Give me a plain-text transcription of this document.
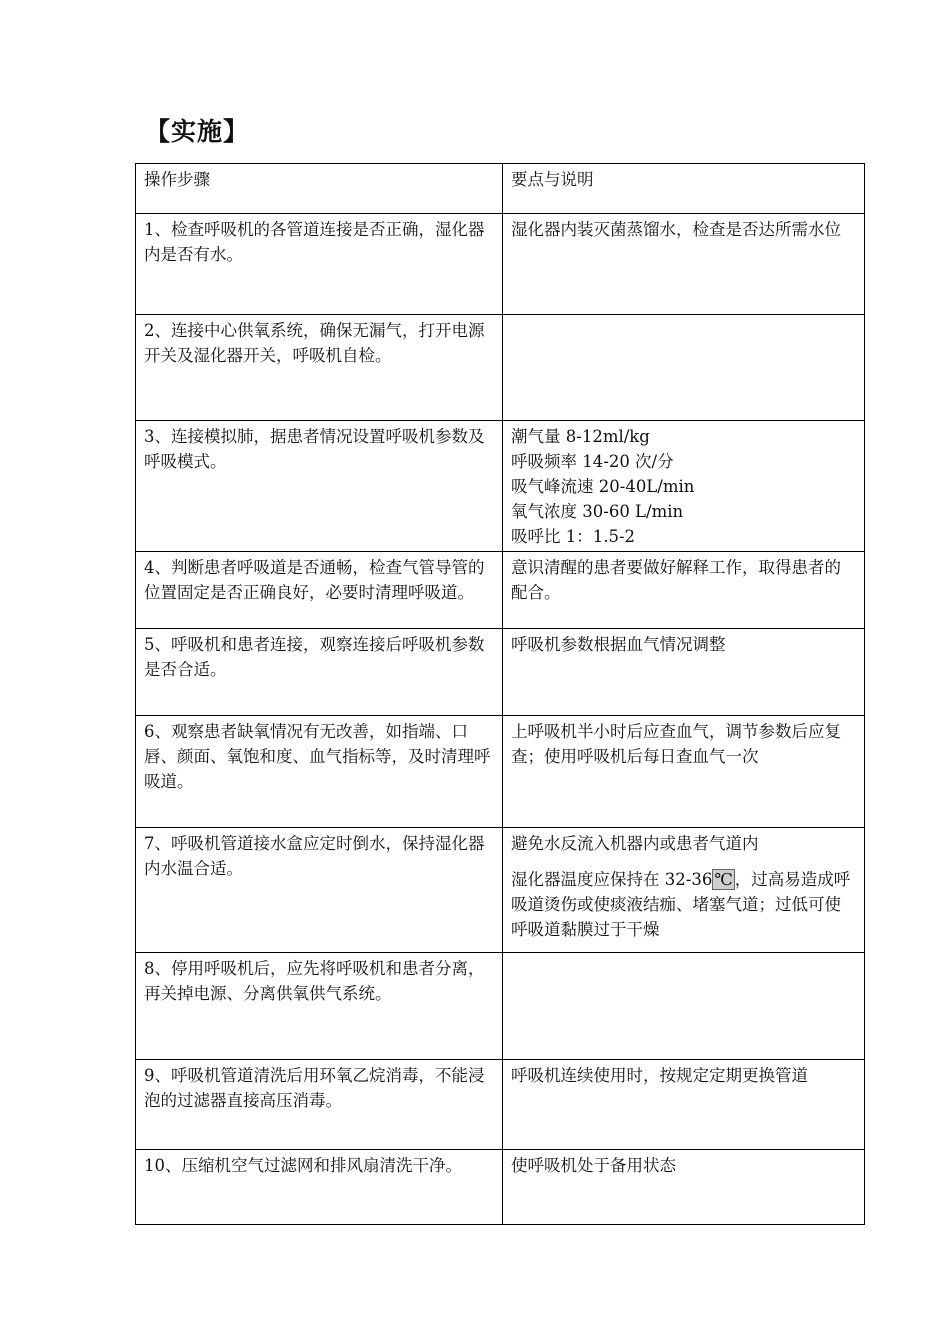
【实施】
操作步骤	要点与说明
1、检查呼吸机的各管道连接是否正确，湿化器内是否有水。	湿化器内装灭菌蒸馏水，检查是否达所需水位

2、连接中心供氧系统，确保无漏气，打开电源开关及湿化器开关，呼吸机自检。	
3、连接模拟肺，据患者情况设置呼吸机参数及呼吸模式。	潮气量 8-12ml/kg
呼吸频率 14-20 次/分
吸气峰流速 20-40L/min
氧气浓度 30-60 L/min
吸呼比 1：1.5-2

4、判断患者呼吸道是否通畅，检查气管导管的位置固定是否正确良好，必要时清理呼吸道。	意识清醒的患者要做好解释工作，取得患者的配合。

5、呼吸机和患者连接，观察连接后呼吸机参数是否合适。	呼吸机参数根据血气情况调整

6、观察患者缺氧情况有无改善，如指端、口唇、颜面、氧饱和度、血气指标等，及时清理呼吸道。	上呼吸机半小时后应查血气，调节参数后应复查；使用呼吸机后每日查血气一次

7、呼吸机管道接水盒应定时倒水，保持湿化器内水温合适。	避免水反流入机器内或患者气道内
湿化器温度应保持在 32-36 ℃ ，过高易造成呼吸道烫伤或使痰液结痂、堵塞气道；过低可使呼吸道黏膜过于干燥

8、停用呼吸机后，应先将呼吸机和患者分离，再关掉电源、分离供氧供气系统。	
9、呼吸机管道清洗后用环氧乙烷消毒，不能浸泡的过滤器直接高压消毒。	呼吸机连续使用时，按规定定期更换管道

10、压缩机空气过滤网和排风扇清洗干净。	使呼吸机处于备用状态
